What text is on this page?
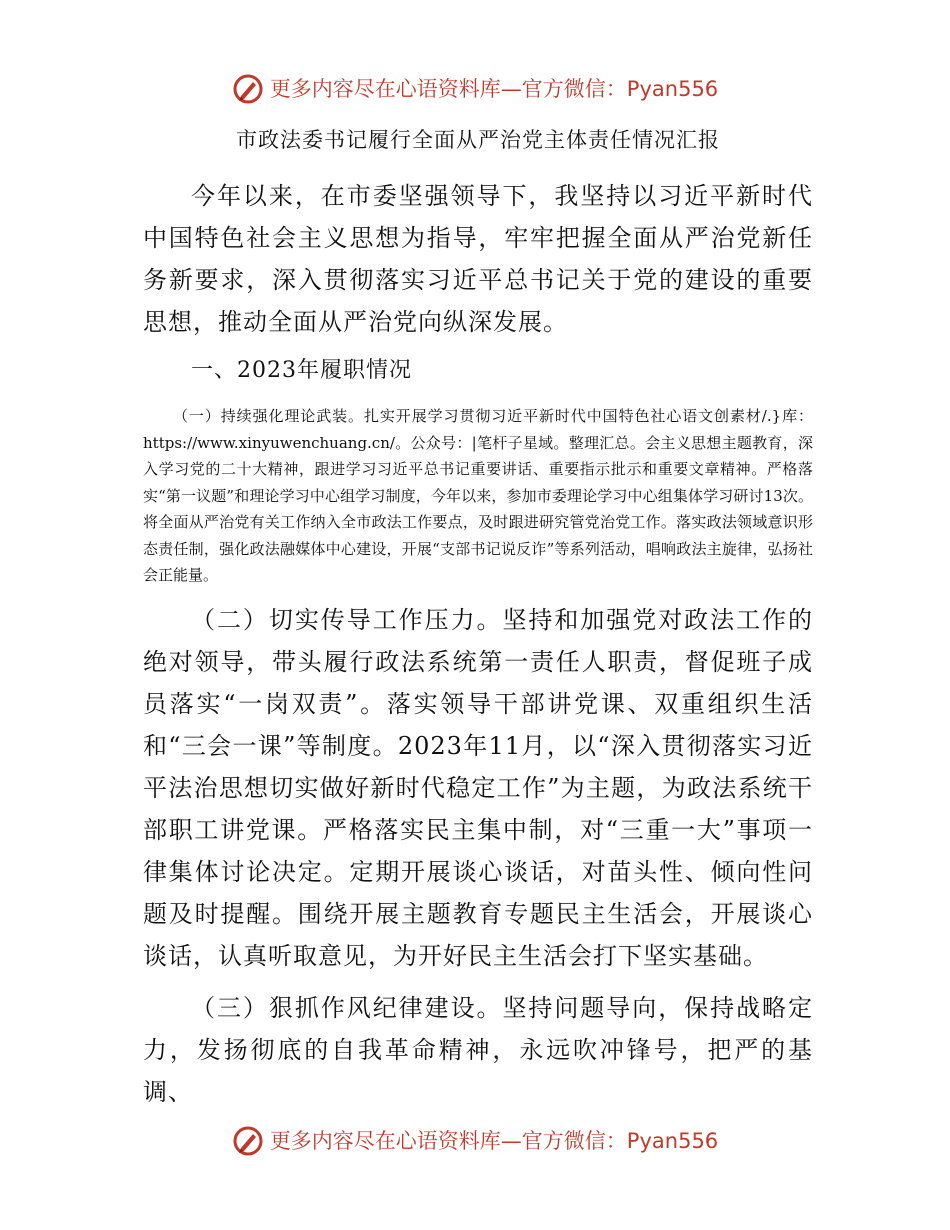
更多内容尽在心语资料库—官方微信：Pyan556

市政法委书记履行全面从严治党主体责任情况汇报

今年以来，在市委坚强领导下，我坚持以习近平新时代中国特色社会主义思想为指导，牢牢把握全面从严治党新任务新要求，深入贯彻落实习近平总书记关于党的建设的重要思想，推动全面从严治党向纵深发展。

一、2023年履职情况

（一）持续强化理论武装。扎实开展学习贯彻习近平新时代中国特色社心语文创素材/.}库：https://www.xinyuwenchuang.cn/。公众号：|笔杆子星域。整理汇总。会主义思想主题教育，深入学习党的二十大精神，跟进学习习近平总书记重要讲话、重要指示批示和重要文章精神。严格落实“第一议题”和理论学习中心组学习制度，今年以来，参加市委理论学习中心组集体学习研讨13次。将全面从严治党有关工作纳入全市政法工作要点，及时跟进研究管党治党工作。落实政法领域意识形态责任制，强化政法融媒体中心建设，开展“支部书记说反诈”等系列活动，唱响政法主旋律，弘扬社会正能量。

（二）切实传导工作压力。坚持和加强党对政法工作的绝对领导，带头履行政法系统第一责任人职责，督促班子成员落实“一岗双责”。落实领导干部讲党课、双重组织生活和“三会一课”等制度。2023年11月，以“深入贯彻落实习近平法治思想切实做好新时代稳定工作”为主题，为政法系统干部职工讲党课。严格落实民主集中制，对“三重一大”事项一律集体讨论决定。定期开展谈心谈话，对苗头性、倾向性问题及时提醒。围绕开展主题教育专题民主生活会，开展谈心谈话，认真听取意见，为开好民主生活会打下坚实基础。

（三）狠抓作风纪律建设。坚持问题导向，保持战略定力，发扬彻底的自我革命精神，永远吹冲锋号，把严的基调、

更多内容尽在心语资料库—官方微信：Pyan556
